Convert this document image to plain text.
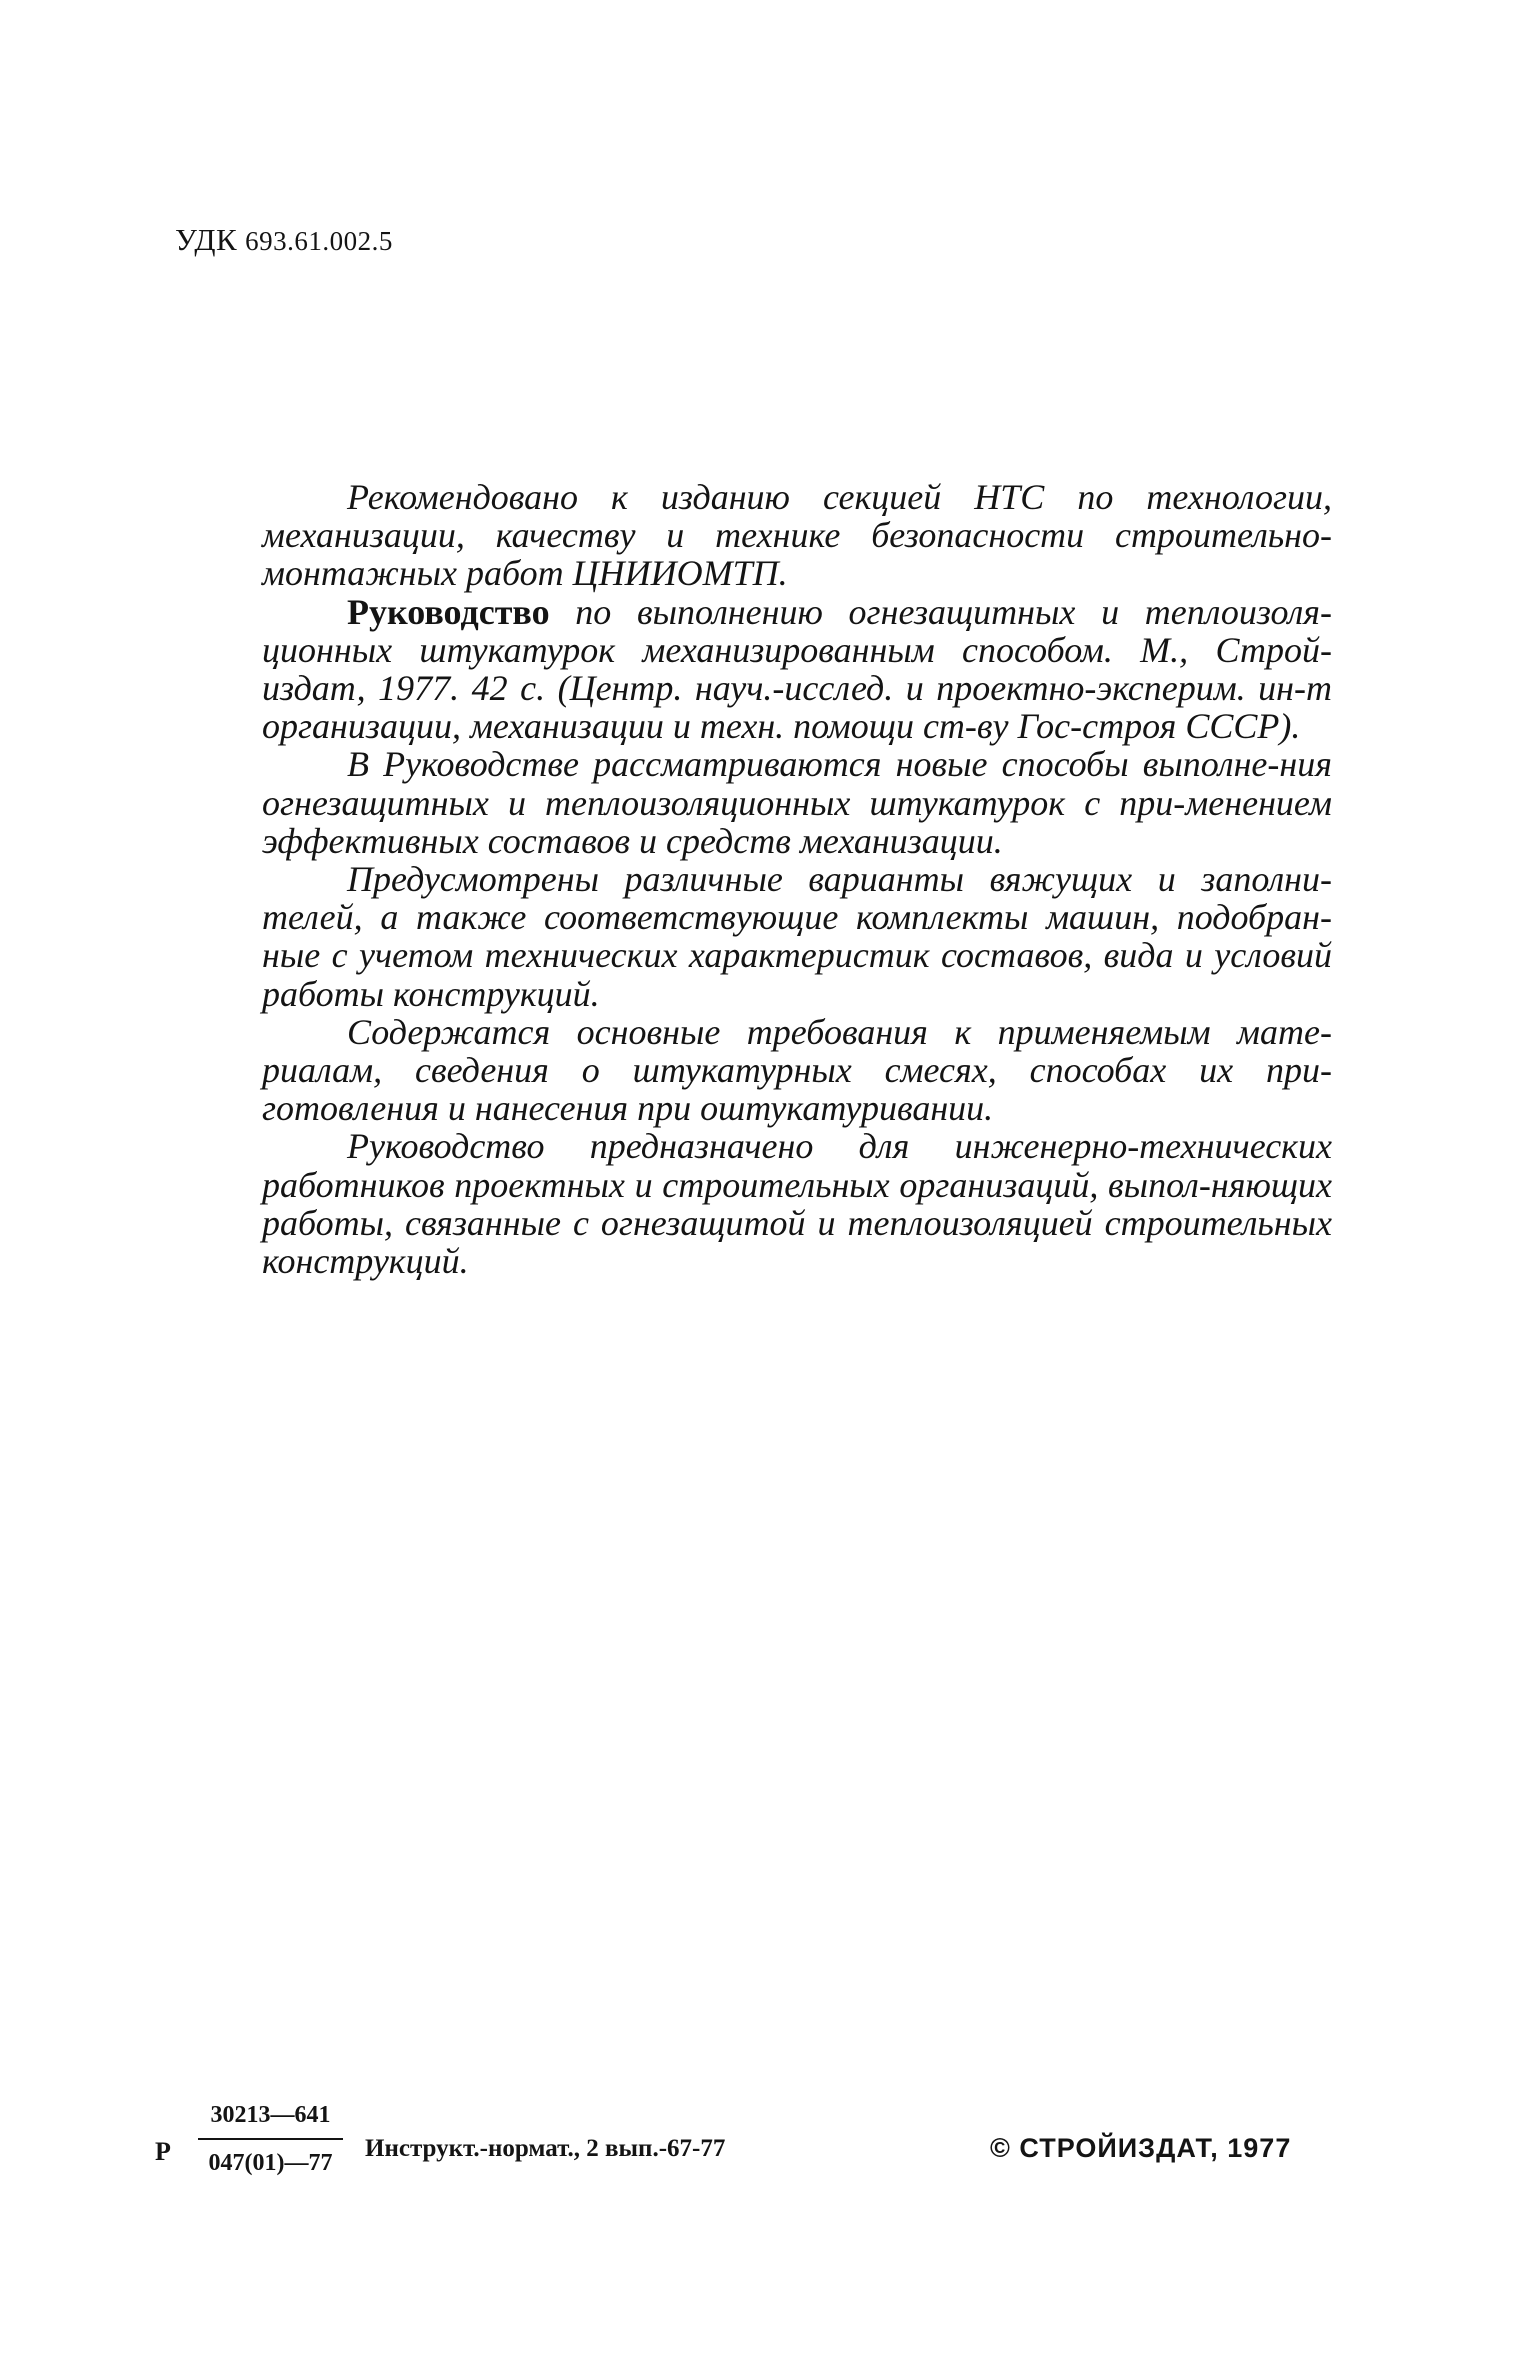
УДК 693.61.002.5

Рекомендовано к изданию секцией НТС по технологии, механизации, качеству и технике безопасности строительно-монтажных работ ЦНИИОМТП.

Руководство по выполнению огнезащитных и теплоизоля-ционных штукатурок механизированным способом. М., Строй-издат, 1977. 42 с. (Центр. науч.-исслед. и проектно-эксперим. ин-т организации, механизации и техн. помощи ст-ву Гос-строя СССР).

В Руководстве рассматриваются новые способы выполне-ния огнезащитных и теплоизоляционных штукатурок с при-менением эффективных составов и средств механизации.

Предусмотрены различные варианты вяжущих и заполни-телей, а также соответствующие комплекты машин, подобран-ные с учетом технических характеристик составов, вида и условий работы конструкций.

Содержатся основные требования к применяемым мате-риалам, сведения о штукатурных смесях, способах их при-готовления и нанесения при оштукатуривании.

Руководство предназначено для инженерно-технических работников проектных и строительных организаций, выпол-няющих работы, связанные с огнезащитой и теплоизоляцией строительных конструкций.

Р
30213—641
047(01)—77
Инструкт.-нормат., 2 вып.-67-77	© СТРОЙИЗДАТ, 1977
